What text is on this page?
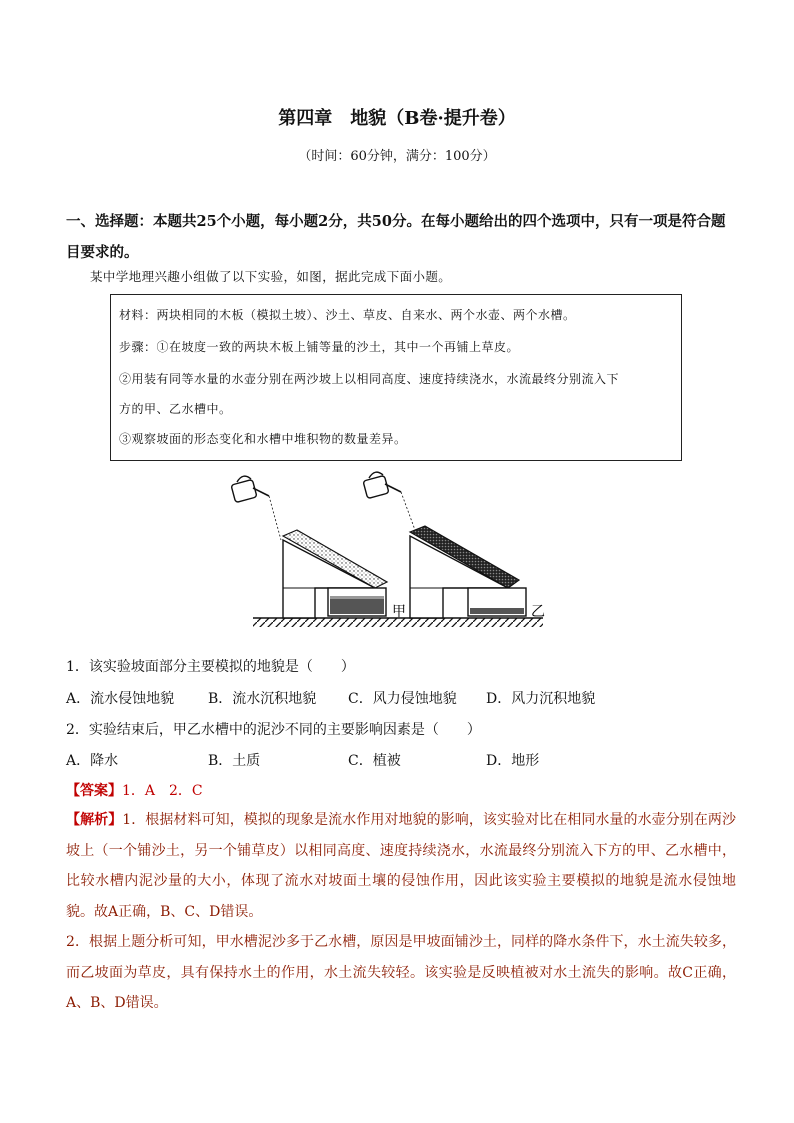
第四章　地貌（B卷·提升卷）
（时间：60分钟，满分：100分）
一、选择题：本题共25个小题，每小题2分，共50分。在每小题给出的四个选项中，只有一项是符合题目要求的。
某中学地理兴趣小组做了以下实验，如图，据此完成下面小题。
材料：两块相同的木板（模拟土坡）、沙土、草皮、自来水、两个水壶、两个水槽。
步骤：①在坡度一致的两块木板上铺等量的沙土，其中一个再铺上草皮。
②用装有同等水量的水壶分别在两沙坡上以相同高度、速度持续浇水，水流最终分别流入下
方的甲、乙水槽中。
③观察坡面的形态变化和水槽中堆积物的数量差异。
甲	乙
1．该实验坡面部分主要模拟的地貌是（　　）
A．流水侵蚀地貌 B．流水沉积地貌 C．风力侵蚀地貌 D．风力沉积地貌
2．实验结束后，甲乙水槽中的泥沙不同的主要影响因素是（　　）
A．降水	B．土质	C．植被	D．地形
【答案】1．A　2．C
【解析】1．根据材料可知，模拟的现象是流水作用对地貌的影响，该实验对比在相同水量的水壶分别在两沙坡上（一个铺沙土，另一个铺草皮）以相同高度、速度持续浇水，水流最终分别流入下方的甲、乙水槽中，比较水槽内泥沙量的大小，体现了流水对坡面土壤的侵蚀作用，因此该实验主要模拟的地貌是流水侵蚀地貌。故A正确，B、C、D错误。
2．根据上题分析可知，甲水槽泥沙多于乙水槽，原因是甲坡面铺沙土，同样的降水条件下，水土流失较多，而乙坡面为草皮，具有保持水土的作用，水土流失较轻。该实验是反映植被对水土流失的影响。故C正确，A、B、D错误。
